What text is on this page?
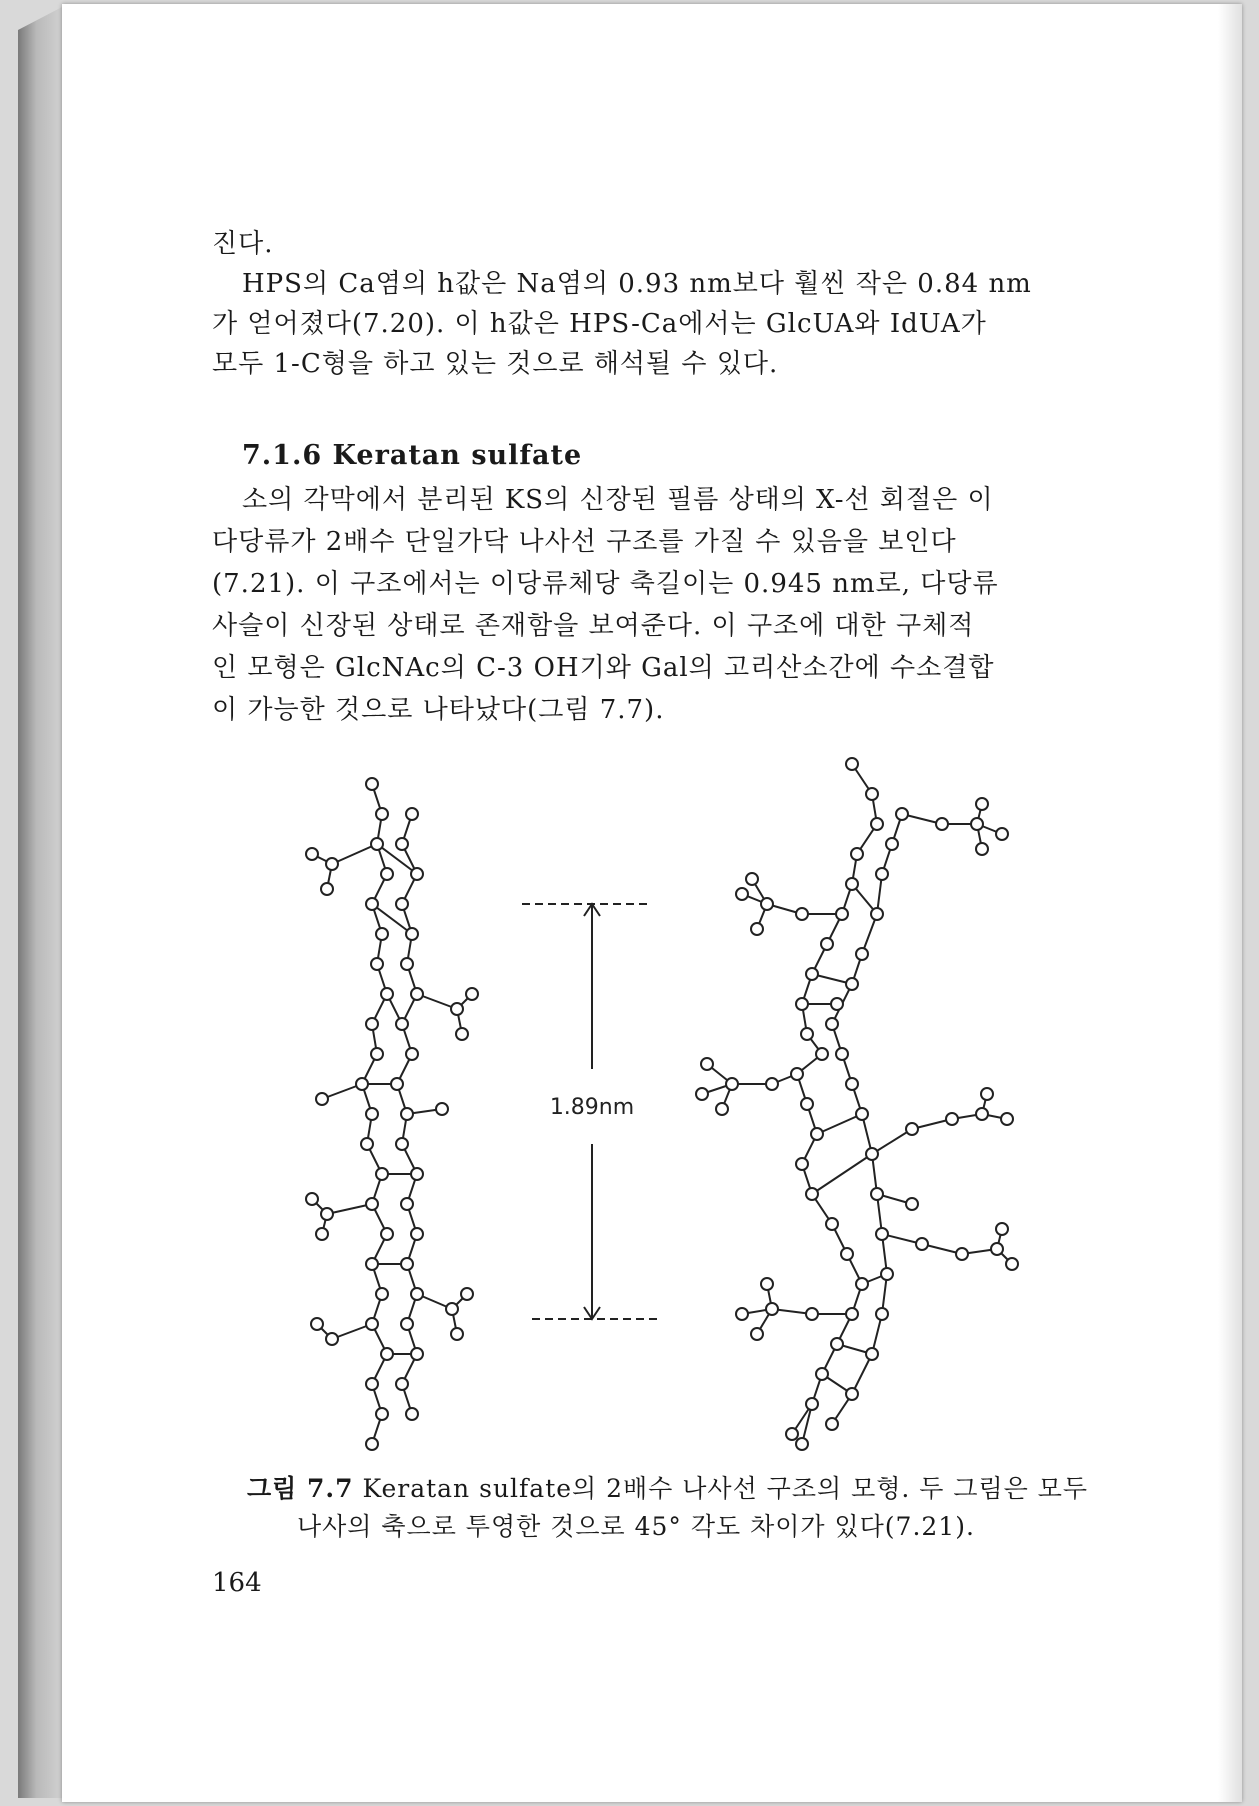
진다.
HPS의 Ca염의 h값은 Na염의 0.93 nm보다 훨씬 작은 0.84 nm
가 얻어졌다(7.20). 이 h값은 HPS-Ca에서는 GlcUA와 IdUA가
모두 1-C형을 하고 있는 것으로 해석될 수 있다.
7.1.6 Keratan sulfate
소의 각막에서 분리된 KS의 신장된 필름 상태의 X-선 회절은 이
다당류가 2배수 단일가닥 나사선 구조를 가질 수 있음을 보인다
(7.21). 이 구조에서는 이당류체당 축길이는 0.945 nm로, 다당류
사슬이 신장된 상태로 존재함을 보여준다. 이 구조에 대한 구체적
인 모형은 GlcNAc의 C-3 OH기와 Gal의 고리산소간에 수소결합
이 가능한 것으로 나타났다(그림 7.7).
1.89nm
그림 7.7 Keratan sulfate의 2배수 나사선 구조의 모형. 두 그림은 모두
나사의 축으로 투영한 것으로 45° 각도 차이가 있다(7.21).
164
